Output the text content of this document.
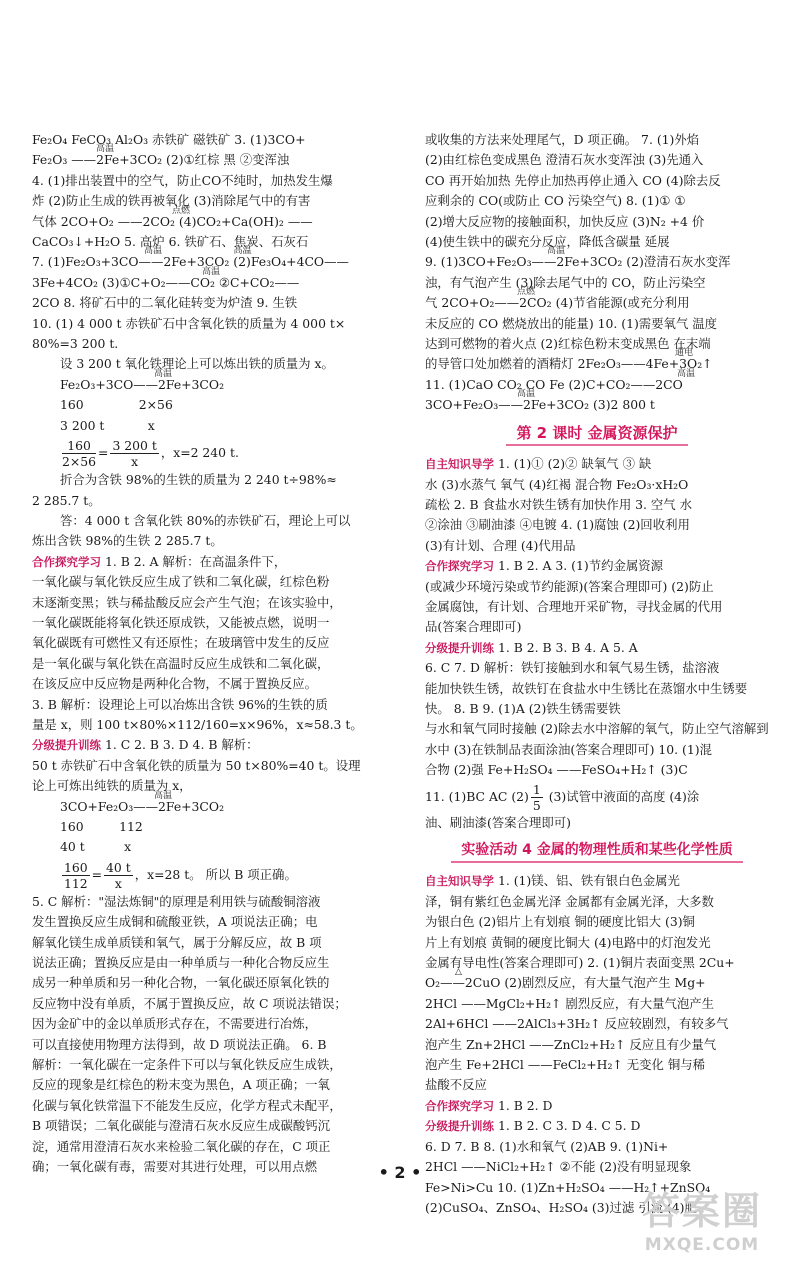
Fe₂O₄ FeCO₃ Al₂O₃ 赤铁矿 磁铁矿 3. (1)3CO+
高温
Fe₂O₃ ——2Fe+3CO₂ (2)①红棕 黑 ②变浑浊
4. (1)排出装置中的空气，防止CO不纯时，加热发生爆
炸 (2)防止生成的铁再被氧化 (3)消除尾气中的有害
点燃
气体 2CO+O₂ ——2CO₂ (4)CO₂+Ca(OH)₂ ——
CaCO₃↓+H₂O 5. 高炉 6. 铁矿石、焦炭、石灰石
高温                         高温
7. (1)Fe₂O₃+3CO——2Fe+3CO₂ (2)Fe₃O₄+4CO——
高温
3Fe+4CO₂ (3)①C+O₂——CO₂ ②C+CO₂——
2CO 8. 将矿石中的二氧化硅转变为炉渣 9. 生铁
10. (1) 4 000 t 赤铁矿石中含氧化铁的质量为 4 000 t×
80%=3 200 t.
设 3 200 t 氧化铁理论上可以炼出铁的质量为 x。
高温
Fe₂O₃+3CO——2Fe+3CO₂
160              2×56
3 200 t           x
$\frac{160}{2\times 56} = \frac{3 200 t}{x}$ ，x=2 240 t.
折合为含铁 98%的生铁的质量为 2 240 t÷98%≈
2 285.7 t。
答：4 000 t 含氧化铁 80%的赤铁矿石，理论上可以
炼出含铁 98%的生铁 2 285.7 t。
合作探究学习 1. B 2. A 解析：在高温条件下，
一氧化碳与氧化铁反应生成了铁和二氧化碳，红棕色粉
末逐渐变黑；铁与稀盐酸反应会产生气泡；在该实验中，
一氧化碳既能将氧化铁还原成铁，又能被点燃，说明一
氧化碳既有可燃性又有还原性；在玻璃管中发生的反应
是一氧化碳与氧化铁在高温时反应生成铁和二氧化碳，
在该反应中反应物是两种化合物，不属于置换反应。
3. B 解析：设理论上可以冶炼出含铁 96%的生铁的质
量是 x，则 100 t×80%×112/160=x×96%，x≈58.3 t。
分级提升训练 1. C 2. B 3. D 4. B 解析：
50 t 赤铁矿石中含氧化铁的质量为 50 t×80%=40 t。设理
论上可炼出纯铁的质量为 x，
高温
3CO+Fe₂O₃——2Fe+3CO₂
160         112
40 t          x
$\frac{160}{112} = \frac{40 t}{x}$ ，x=28 t。 所以 B 项正确。
5. C 解析："湿法炼铜"的原理是利用铁与硫酸铜溶液
发生置换反应生成铜和硫酸亚铁，A 项说法正确；电
解氧化镁生成单质镁和氧气，属于分解反应，故 B 项
说法正确；置换反应是由一种单质与一种化合物反应生
成另一种单质和另一种化合物，一氧化碳还原氧化铁的
反应物中没有单质，不属于置换反应，故 C 项说法错误；
因为金矿中的金以单质形式存在，不需要进行冶炼，
可以直接使用物理方法得到，故 D 项说法正确。 6. B
解析：一氧化碳在一定条件下可以与氧化铁反应生成铁，
反应的现象是红棕色的粉末变为黑色，A 项正确；一氧
化碳与氧化铁常温下不能发生反应，化学方程式未配平，
B 项错误；二氧化碳能与澄清石灰水反应生成碳酸钙沉
淀，通常用澄清石灰水来检验二氧化碳的存在，C 项正
确；一氧化碳有毒，需要对其进行处理，可以用点燃
或收集的方法来处理尾气，D 项正确。 7. (1)外焰
(2)由红棕色变成黑色 澄清石灰水变浑浊 (3)先通入
CO 再开始加热 先停止加热再停止通入 CO (4)除去反
应剩余的 CO(或防止 CO 污染空气) 8. (1)① ①
(2)增大反应物的接触面积，加快反应 (3)N₂ +4 价
(4)使生铁中的碳充分反应，降低含碳量 延展
高温
9. (1)3CO+Fe₂O₃——2Fe+3CO₂ (2)澄清石灰水变浑
浊，有气泡产生 (3)除去尾气中的 CO，防止污染空
点燃
气 2CO+O₂——2CO₂ (4)节省能源(或充分利用
未反应的 CO 燃烧放出的能量) 10. (1)需要氧气 温度
达到可燃物的着火点 (2)红棕色粉末变成黑色 在末端
通电
的导管口处加燃着的酒精灯 2Fe₂O₃——4Fe+3O₂↑
高温
11. (1)CaO CO₂ CO Fe (2)C+CO₂——2CO
高温
3CO+Fe₂O₃——2Fe+3CO₂ (3)2 800 t
第 2 课时 金属资源保护
自主知识导学 1. (1)① (2)② 缺氧气 ③ 缺
水 (3)水蒸气 氧气 (4)红褐 混合物 Fe₂O₃·xH₂O
疏松 2. B 食盐水对铁生锈有加快作用 3. 空气 水
②涂油 ③刷油漆 ④电镀 4. (1)腐蚀 (2)回收利用
(3)有计划、合理 (4)代用品
合作探究学习 1. B 2. A 3. (1)节约金属资源
(或减少环境污染或节约能源)(答案合理即可) (2)防止
金属腐蚀，有计划、合理地开采矿物，寻找金属的代用
品(答案合理即可)
分级提升训练 1. B 2. B 3. B 4. A 5. A
6. C 7. D 解析：铁钉接触到水和氧气易生锈，盐溶液
能加快铁生锈，故铁钉在食盐水中生锈比在蒸馏水中生锈要
快。 8. B 9. (1)A (2)铁生锈需要铁
与水和氧气同时接触 (2)除去水中溶解的氧气，防止空气溶解到
水中 (3)在铁制品表面涂油(答案合理即可) 10. (1)混
合物 (2)强 Fe+H₂SO₄ ——FeSO₄+H₂↑ (3)C
11. (1)BC AC $(2) \frac{1}{5} (3)$试管中液面的高度 (4)涂
油、刷油漆(答案合理即可)
实验活动 4 金属的物理性质和某些化学性质
自主知识导学 1. (1)镁、铝、铁有银白色金属光
泽，铜有紫红色金属光泽 金属都有金属光泽，大多数
为银白色 (2)铝片上有划痕 铜的硬度比铝大 (3)铜
片上有划痕 黄铜的硬度比铜大 (4)电路中的灯泡发光
金属有导电性(答案合理即可) 2. (1)铜片表面变黑 2Cu+
△
O₂——2CuO (2)剧烈反应，有大量气泡产生 Mg+
2HCl ——MgCl₂+H₂↑ 剧烈反应，有大量气泡产生
2Al+6HCl ——2AlCl₃+3H₂↑ 反应较剧烈，有较多气
泡产生 Zn+2HCl ——ZnCl₂+H₂↑ 反应且有少量气
泡产生 Fe+2HCl ——FeCl₂+H₂↑ 无变化 铜与稀
盐酸不反应
合作探究学习 1. B 2. D
分级提升训练 1. B 2. C 3. D 4. C 5. D
6. D 7. B 8. (1)水和氧气 (2)AB 9. (1)Ni+
2HCl ——NiCl₂+H₂↑ ②不能 (2)没有明显现象
Fe>Ni>Cu 10. (1)Zn+H₂SO₄ ——H₂↑+ZnSO₄
(2)CuSO₄、ZnSO₄、H₂SO₄ (3)过滤 引流 (4)肥
• 2 •
答案圈
MXQE.COM
